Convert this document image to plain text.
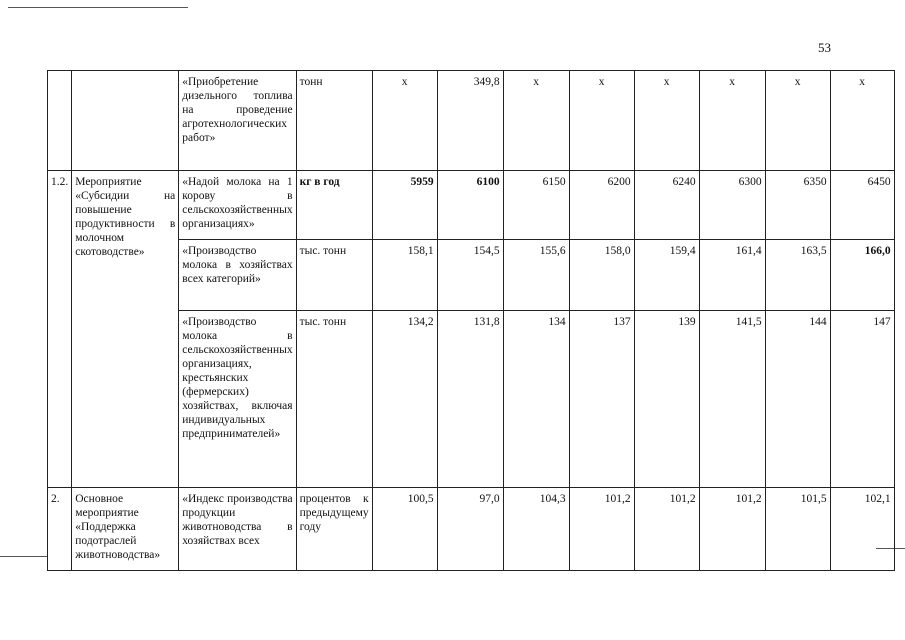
53
		«Приобретение дизельного топлива на проведение агротехнологических работ»	тонн	х	349,8	х	х	х	х	х	х
1.2.	Мероприятие «Субсидии на повышение продуктивности в молочном скотоводстве»	«Надой молока на 1 корову в сельскохозяйственных организациях»	кг в год	5959	6100	6150	6200	6240	6300	6350	6450
		«Производство молока в хозяйствах всех категорий»	тыс. тонн	158,1	154,5	155,6	158,0	159,4	161,4	163,5	166,0
		«Производство молока в сельскохозяйственных организациях, крестьянских (фермерских) хозяйствах, включая индивидуальных предпринимателей»	тыс. тонн	134,2	131,8	134	137	139	141,5	144	147
2.	Основное мероприятие «Поддержка подотраслей животноводства»	«Индекс производства продукции животноводства в хозяйствах всех	процентов к предыдущему году	100,5	97,0	104,3	101,2	101,2	101,2	101,5	102,1
